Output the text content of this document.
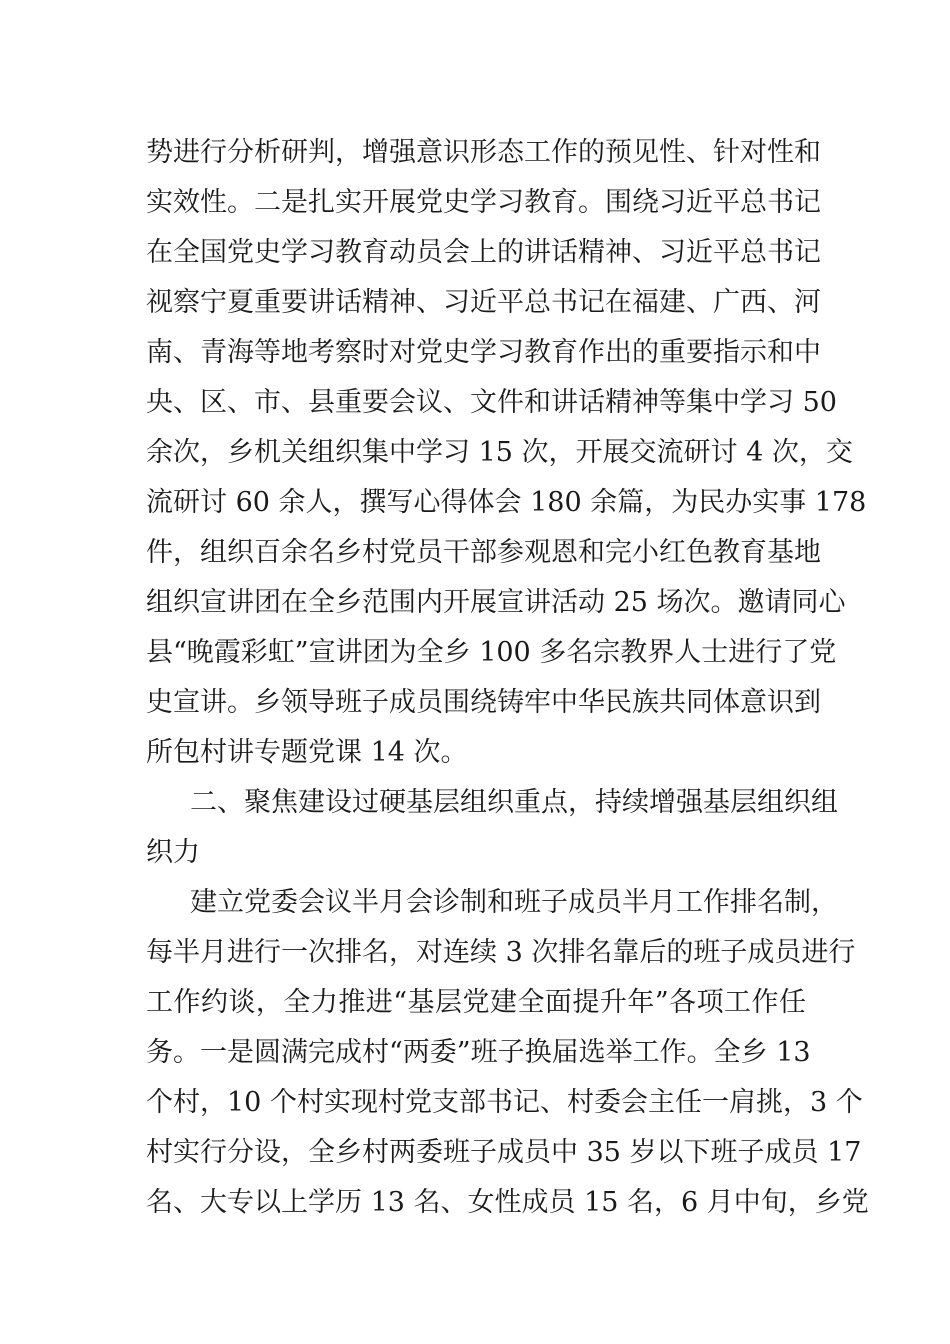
势进行分析研判，增强意识形态工作的预见性、针对性和
实效性。二是扎实开展党史学习教育。围绕习近平总书记
在全国党史学习教育动员会上的讲话精神、习近平总书记
视察宁夏重要讲话精神、习近平总书记在福建、广西、河
南、青海等地考察时对党史学习教育作出的重要指示和中
央、区、市、县重要会议、文件和讲话精神等集中学习 50
余次，乡机关组织集中学习 15 次，开展交流研讨 4 次，交
流研讨 60 余人，撰写心得体会 180 余篇，为民办实事 178
件，组织百余名乡村党员干部参观恩和完小红色教育基地
组织宣讲团在全乡范围内开展宣讲活动 25 场次。邀请同心
县“晚霞彩虹”宣讲团为全乡 100 多名宗教界人士进行了党
史宣讲。乡领导班子成员围绕铸牢中华民族共同体意识到
所包村讲专题党课 14 次。
二、聚焦建设过硬基层组织重点，持续增强基层组织组
织力
建立党委会议半月会诊制和班子成员半月工作排名制，
每半月进行一次排名，对连续 3 次排名靠后的班子成员进行
工作约谈，全力推进“基层党建全面提升年”各项工作任
务。一是圆满完成村“两委”班子换届选举工作。全乡 13
个村，10 个村实现村党支部书记、村委会主任一肩挑，3 个
村实行分设，全乡村两委班子成员中 35 岁以下班子成员 17
名、大专以上学历 13 名、女性成员 15 名，6 月中旬，乡党
